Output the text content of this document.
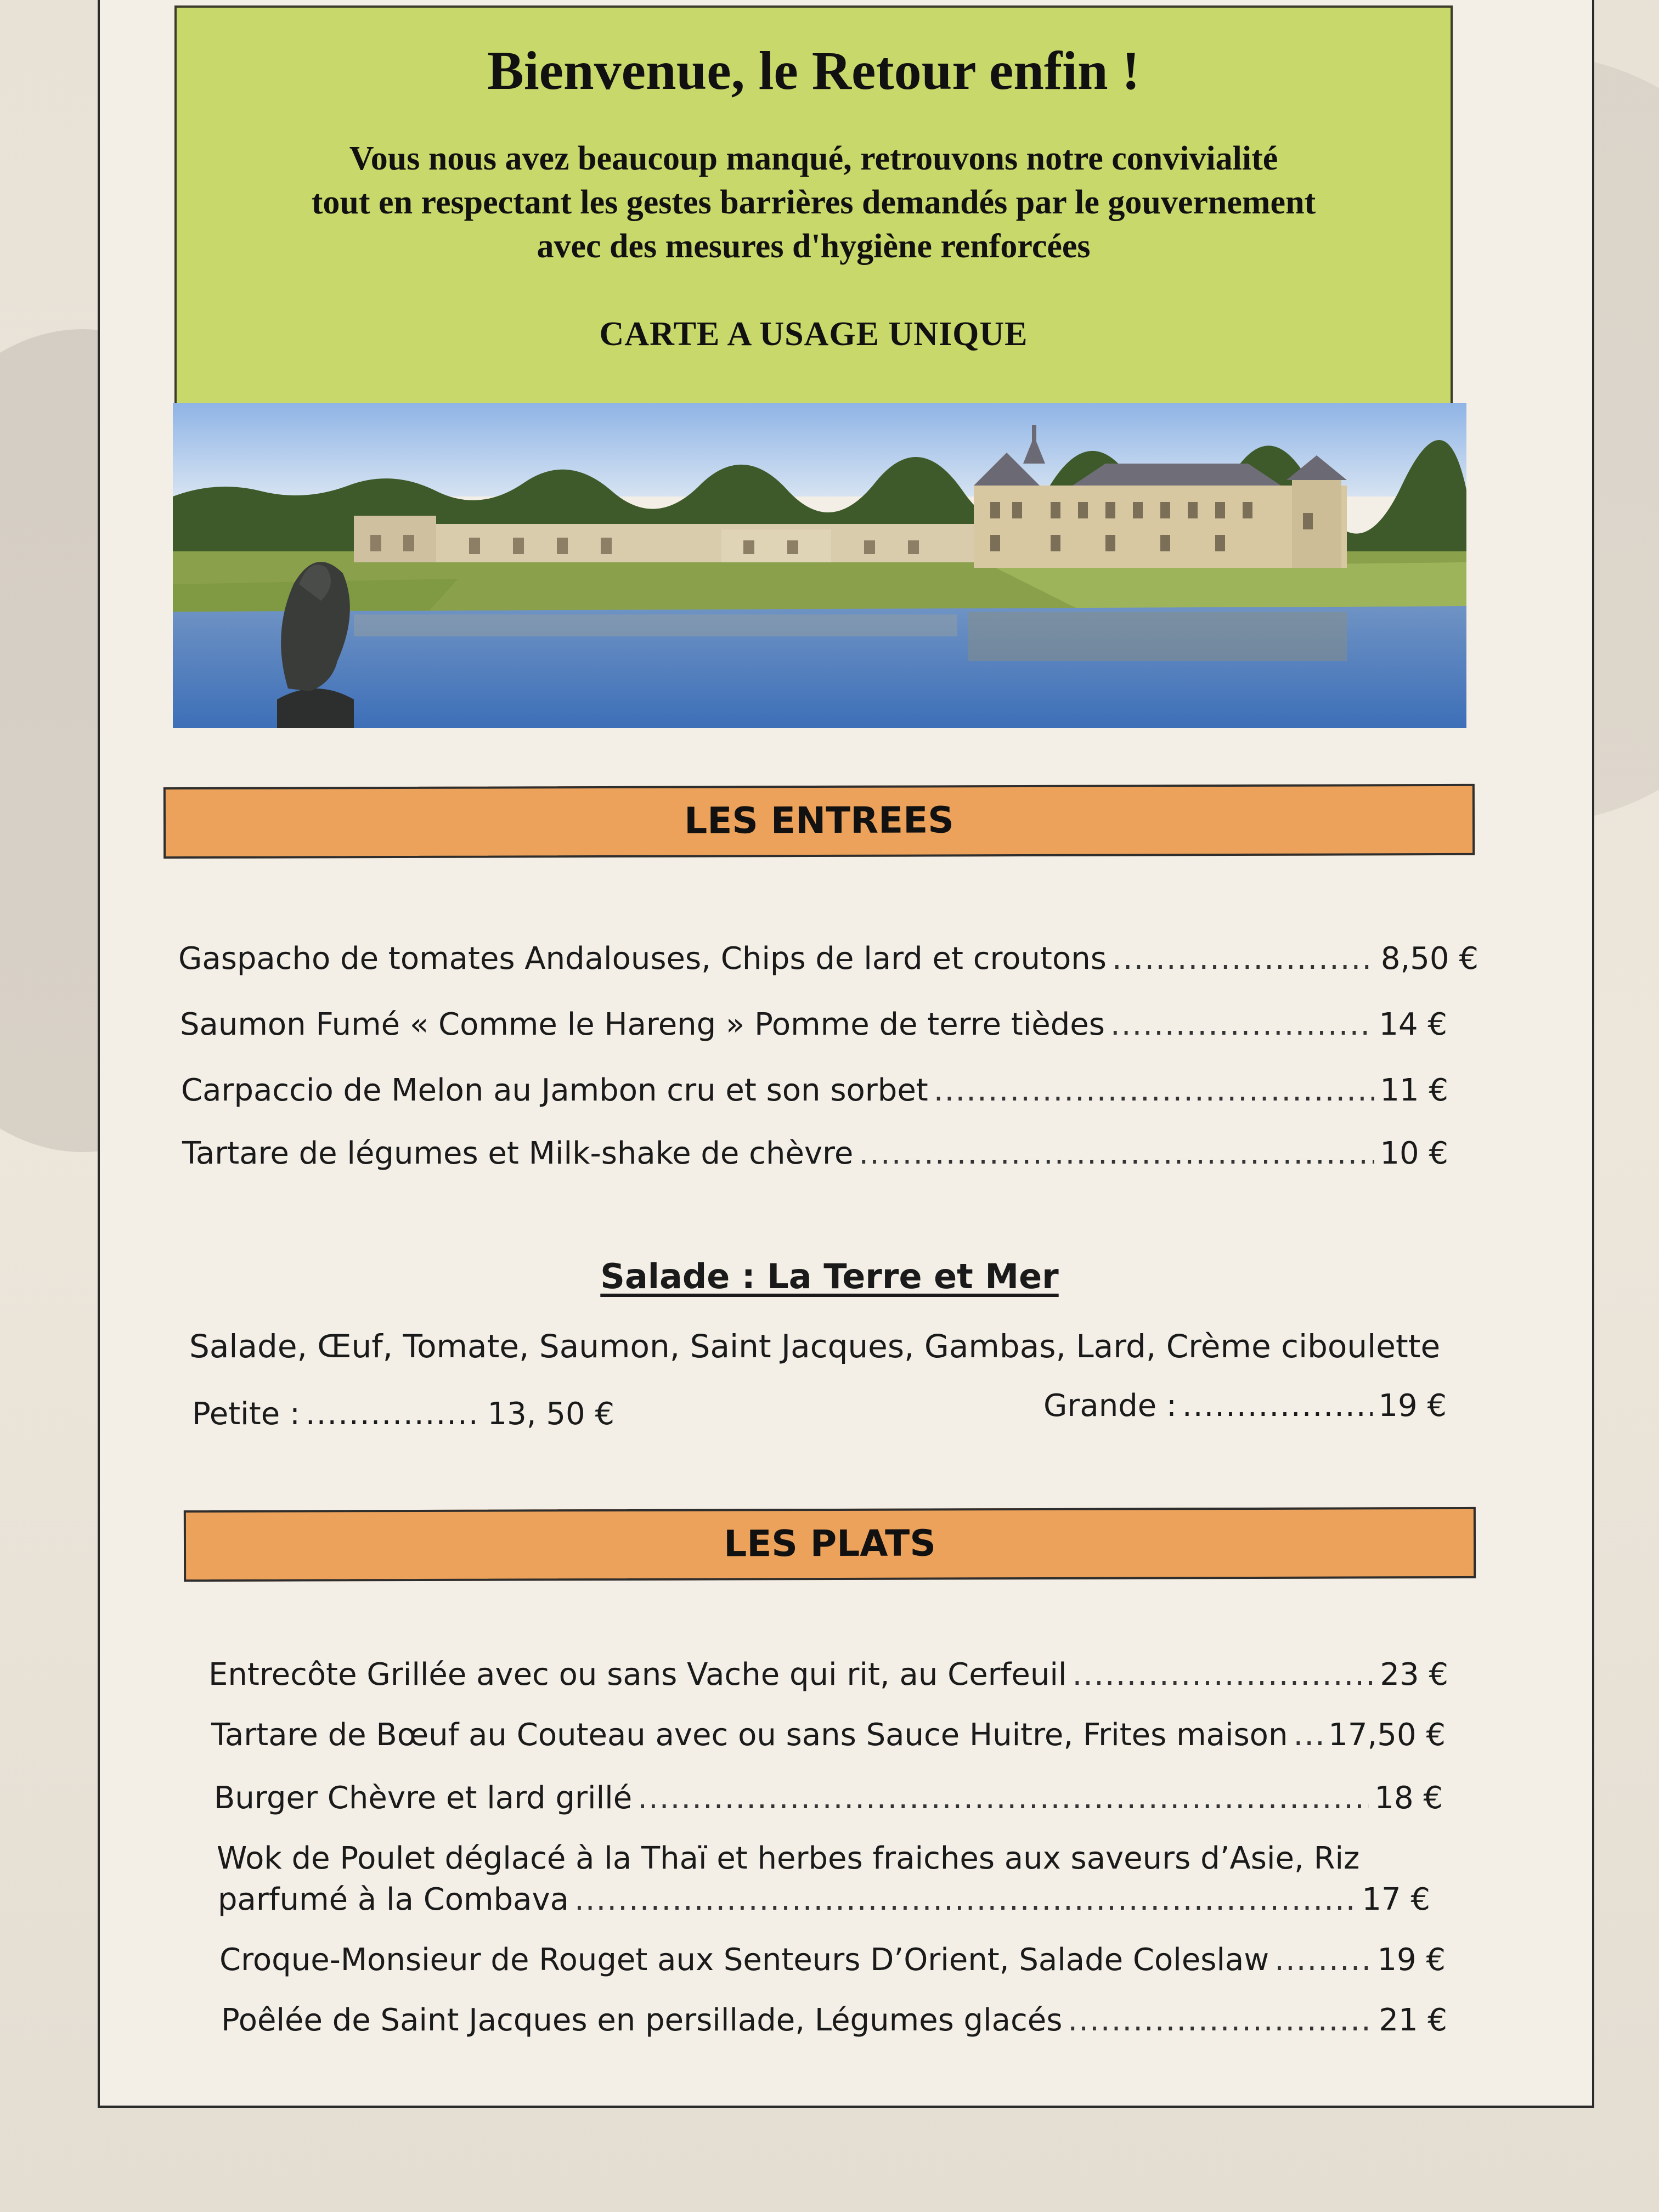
Bienvenue, le Retour enfin !
Vous nous avez beaucoup manqué, retrouvons notre convivialité
tout en respectant les gestes barrières demandés par le gouvernement
avec des mesures d'hygiène renforcées
CARTE A USAGE UNIQUE
LES ENTREES
Gaspacho de tomates Andalouses, Chips de lard et croutons .....	8,50 €
Saumon Fumé « Comme le Hareng » Pomme de terre tièdes .....	14 €
Carpaccio de Melon au Jambon cru et son sorbet .....	11 €
Tartare de légumes et Milk-shake de chèvre .....	10 €
Salade : La Terre et Mer
Salade, Œuf, Tomate, Saumon, Saint Jacques, Gambas, Lard, Crème ciboulette
Petite : .....	13, 50 €	Grande : .....	19 €
LES PLATS
Entrecôte Grillée avec ou sans Vache qui rit, au Cerfeuil .....	23 €
Tartare de Bœuf au Couteau avec ou sans Sauce Huitre, Frites maison ..... 17,50 €
Burger Chèvre et lard grillé .....	18 €
Wok de Poulet déglacé à la Thaï et herbes fraiches aux saveurs d’Asie, Riz
parfumé à la Combava .....	17 €
Croque-Monsieur de Rouget aux Senteurs D’Orient, Salade Coleslaw .....	19 €
Poêlée de Saint Jacques en persillade, Légumes glacés .....	21 €
